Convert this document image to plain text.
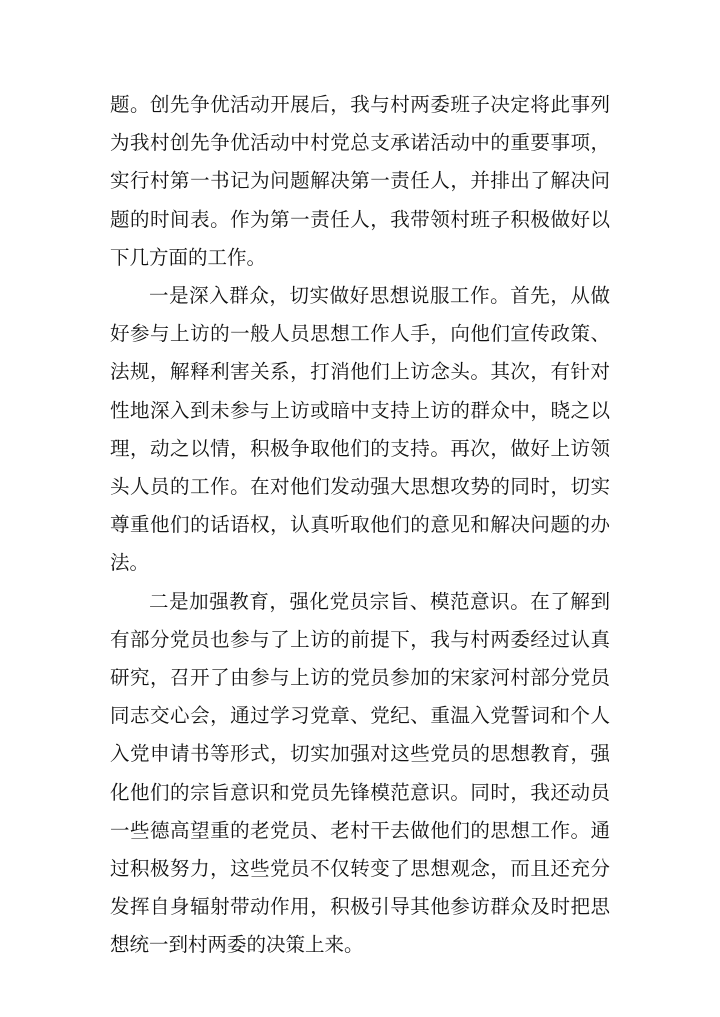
题。创先争优活动开展后，我与村两委班子决定将此事列为我村创先争优活动中村党总支承诺活动中的重要事项，实行村第一书记为问题解决第一责任人，并排出了解决问题的时间表。作为第一责任人，我带领村班子积极做好以下几方面的工作。

一是深入群众，切实做好思想说服工作。首先，从做好参与上访的一般人员思想工作人手，向他们宣传政策、法规，解释利害关系，打消他们上访念头。其次，有针对性地深入到未参与上访或暗中支持上访的群众中，晓之以理，动之以情，积极争取他们的支持。再次，做好上访领头人员的工作。在对他们发动强大思想攻势的同时，切实尊重他们的话语权，认真听取他们的意见和解决问题的办法。

二是加强教育，强化党员宗旨、模范意识。在了解到有部分党员也参与了上访的前提下，我与村两委经过认真研究，召开了由参与上访的党员参加的宋家河村部分党员同志交心会，通过学习党章、党纪、重温入党誓词和个人入党申请书等形式，切实加强对这些党员的思想教育，强化他们的宗旨意识和党员先锋模范意识。同时，我还动员一些德高望重的老党员、老村干去做他们的思想工作。通过积极努力，这些党员不仅转变了思想观念，而且还充分发挥自身辐射带动作用，积极引导其他参访群众及时把思想统一到村两委的决策上来。
